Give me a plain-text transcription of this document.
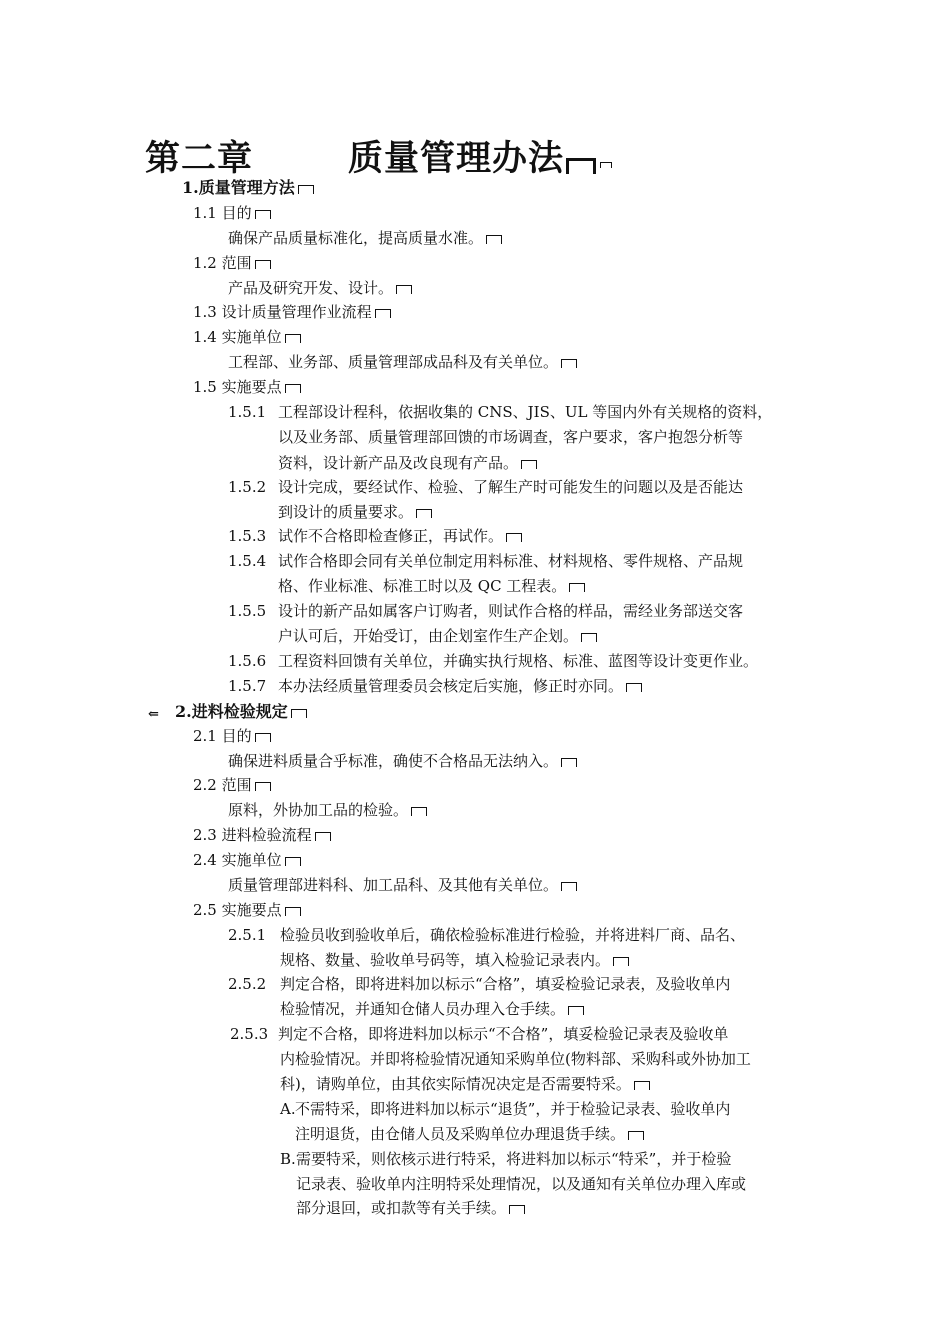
第二章	质量管理办法
1.质量管理方法
1.1 目的
确保产品质量标准化，提高质量水准。
1.2 范围
产品及研究开发、设计。
1.3 设计质量管理作业流程
1.4 实施单位
工程部、业务部、质量管理部成品科及有关单位。
1.5 实施要点
1.5.1 工程部设计程科，依据收集的 CNS、JIS、UL 等国内外有关规格的资料，
以及业务部、质量管理部回馈的市场调查，客户要求，客户抱怨分析等
资料，设计新产品及改良现有产品。
1.5.2 设计完成，要经试作、检验、了解生产时可能发生的问题以及是否能达
到设计的质量要求。
1.5.3 试作不合格即检查修正，再试作。
1.5.4 试作合格即会同有关单位制定用料标准、材料规格、零件规格、产品规
格、作业标准、标准工时以及 QC 工程表。
1.5.5 设计的新产品如属客户订购者，则试作合格的样品，需经业务部送交客
户认可后，开始受订，由企划室作生产企划。
1.5.6 工程资料回馈有关单位，并确实执行规格、标准、蓝图等设计变更作业。
1.5.7 本办法经质量管理委员会核定后实施，修正时亦同。
⇐ 2.进料检验规定
2.1 目的
确保进料质量合乎标准，确使不合格品无法纳入。
2.2 范围
原料，外协加工品的检验。
2.3 进料检验流程
2.4 实施单位
质量管理部进料科、加工品科、及其他有关单位。
2.5 实施要点
2.5.1 检验员收到验收单后，确依检验标准进行检验，并将进料厂商、品名、
规格、数量、验收单号码等，填入检验记录表内。
2.5.2 判定合格，即将进料加以标示“合格”，填妥检验记录表，及验收单内
检验情况，并通知仓储人员办理入仓手续。
2.5.3 判定不合格，即将进料加以标示“不合格”，填妥检验记录表及验收单
内检验情况。并即将检验情况通知采购单位(物料部、采购科或外协加工
科)，请购单位，由其依实际情况决定是否需要特采。
A. 不需特采，即将进料加以标示“退货”，并于检验记录表、验收单内
注明退货，由仓储人员及采购单位办理退货手续。
B. 需要特采，则依核示进行特采，将进料加以标示“特采”，并于检验
记录表、验收单内注明特采处理情况，以及通知有关单位办理入库或
部分退回，或扣款等有关手续。
